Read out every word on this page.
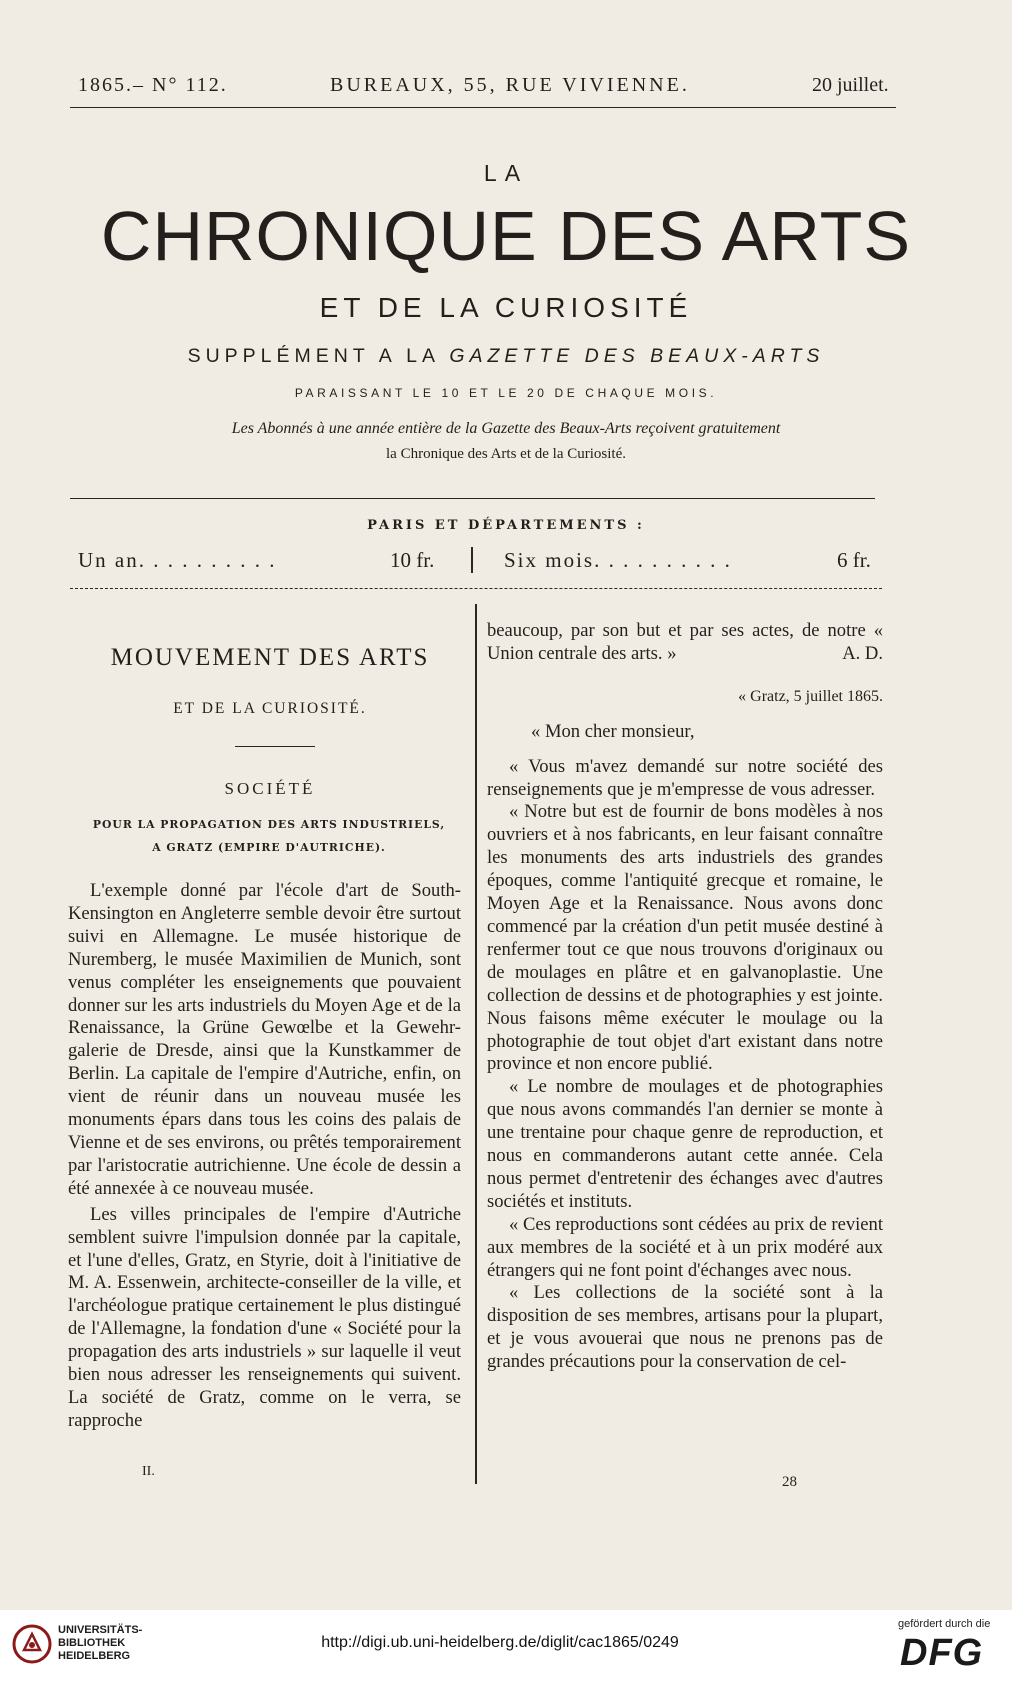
1865.– N° 112.	BUREAUX, 55, RUE VIVIENNE.	20 juillet.
LA
CHRONIQUE DES ARTS
ET DE LA CURIOSITÉ
SUPPLÉMENT A LA GAZETTE DES BEAUX-ARTS
PARAISSANT LE 10 ET LE 20 DE CHAQUE MOIS.
Les Abonnés à une année entière de la Gazette des Beaux-Arts reçoivent gratuitement
la Chronique des Arts et de la Curiosité.
PARIS ET DÉPARTEMENTS :
Un an. . . . . . . . . .	10 fr.	Six mois. . . . . . . . . .	6 fr.
MOUVEMENT DES ARTS
ET DE LA CURIOSITÉ.
SOCIÉTÉ
POUR LA PROPAGATION DES ARTS INDUSTRIELS,
A GRATZ (EMPIRE D'AUTRICHE).

L'exemple donné par l'école d'art de South-Kensington en Angleterre semble devoir être surtout suivi en Allemagne. Le musée historique de Nuremberg, le musée Maximilien de Munich, sont venus compléter les enseignements que pouvaient donner sur les arts industriels du Moyen Age et de la Renaissance, la Grüne Gewœlbe et la Gewehr-galerie de Dresde, ainsi que la Kunstkammer de Berlin. La capitale de l'empire d'Autriche, enfin, on vient de réunir dans un nouveau musée les monuments épars dans tous les coins des palais de Vienne et de ses environs, ou prêtés temporairement par l'aristocratie autrichienne. Une école de dessin a été annexée à ce nouveau musée.

Les villes principales de l'empire d'Autriche semblent suivre l'impulsion donnée par la capitale, et l'une d'elles, Gratz, en Styrie, doit à l'initiative de M. A. Essenwein, architecte-conseiller de la ville, et l'archéologue pratique certainement le plus distingué de l'Allemagne, la fondation d'une « Société pour la propagation des arts industriels » sur laquelle il veut bien nous adresser les renseignements qui suivent. La société de Gratz, comme on le verra, se rapproche

II.

beaucoup, par son but et par ses actes, de notre « Union centrale des arts. »	A. D.

« Gratz, 5 juillet 1865.

« Mon cher monsieur,

« Vous m'avez demandé sur notre société des renseignements que je m'empresse de vous adresser.

« Notre but est de fournir de bons modèles à nos ouvriers et à nos fabricants, en leur faisant connaître les monuments des arts industriels des grandes époques, comme l'antiquité grecque et romaine, le Moyen Age et la Renaissance. Nous avons donc commencé par la création d'un petit musée destiné à renfermer tout ce que nous trouvons d'originaux ou de moulages en plâtre et en galvanoplastie. Une collection de dessins et de photographies y est jointe. Nous faisons même exécuter le moulage ou la photographie de tout objet d'art existant dans notre province et non encore publié.

« Le nombre de moulages et de photographies que nous avons commandés l'an dernier se monte à une trentaine pour chaque genre de reproduction, et nous en commanderons autant cette année. Cela nous permet d'entretenir des échanges avec d'autres sociétés et instituts.

« Ces reproductions sont cédées au prix de revient aux membres de la société et à un prix modéré aux étrangers qui ne font point d'échanges avec nous.

« Les collections de la société sont à la disposition de ses membres, artisans pour la plupart, et je vous avouerai que nous ne prenons pas de grandes précautions pour la conservation de cel-

28
UNIVERSITÄTS-
BIBLIOTHEK
HEIDELBERG
http://digi.ub.uni-heidelberg.de/diglit/cac1865/0249
gefördert durch die
DFG
